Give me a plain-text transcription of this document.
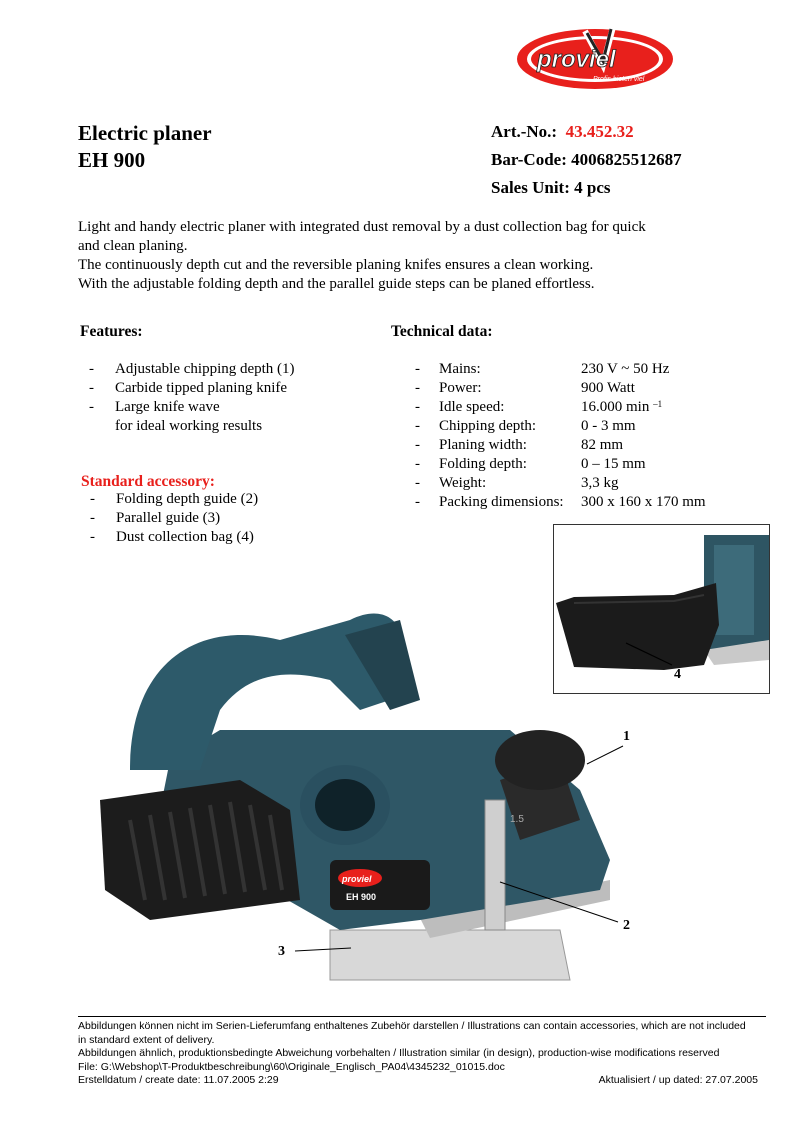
proviel
Profis bieten viel
Electric planer
EH 900
Art.-No.: 43.452.32
Bar-Code: 4006825512687
Sales Unit: 4 pcs
Light and handy electric planer with integrated dust removal by a dust collection bag for quick
and clean planing.
The continuously depth cut and the reversible planing knifes ensures a clean working.
With the adjustable folding depth and the parallel guide steps can be planed effortless.
Features:
- Adjustable chipping depth (1)
- Carbide tipped planing knife
- Large knife wave
for ideal working results
Standard accessory:
- Folding depth guide (2)
- Parallel guide (3)
- Dust collection bag (4)
Technical data:
- Mains:	230 V ~ 50 Hz
- Power:	900 Watt
- Idle speed:	16.000 min $^{-1}$
- Chipping depth:	0 - 3 mm
- Planing width:	82 mm
- Folding depth:	0 – 15 mm
- Weight:	3,3 kg
- Packing dimensions: 300 x 160 x 170 mm
4
proviel
EH 900
1.5
1
2
3
Abbildungen können nicht im Serien-Lieferumfang enthaltenes Zubehör darstellen / Illustrations can contain accessories, which are not included
in standard extent of delivery.
Abbildungen ähnlich, produktionsbedingte Abweichung vorbehalten / Illustration similar (in design), production-wise modifications reserved
File: G:\Webshop\T-Produktbeschreibung\60\Originale_Englisch_PA04\4345232_01015.doc
Erstelldatum / create date: 11.07.2005 2:29	Aktualisiert / up dated: 27.07.2005
